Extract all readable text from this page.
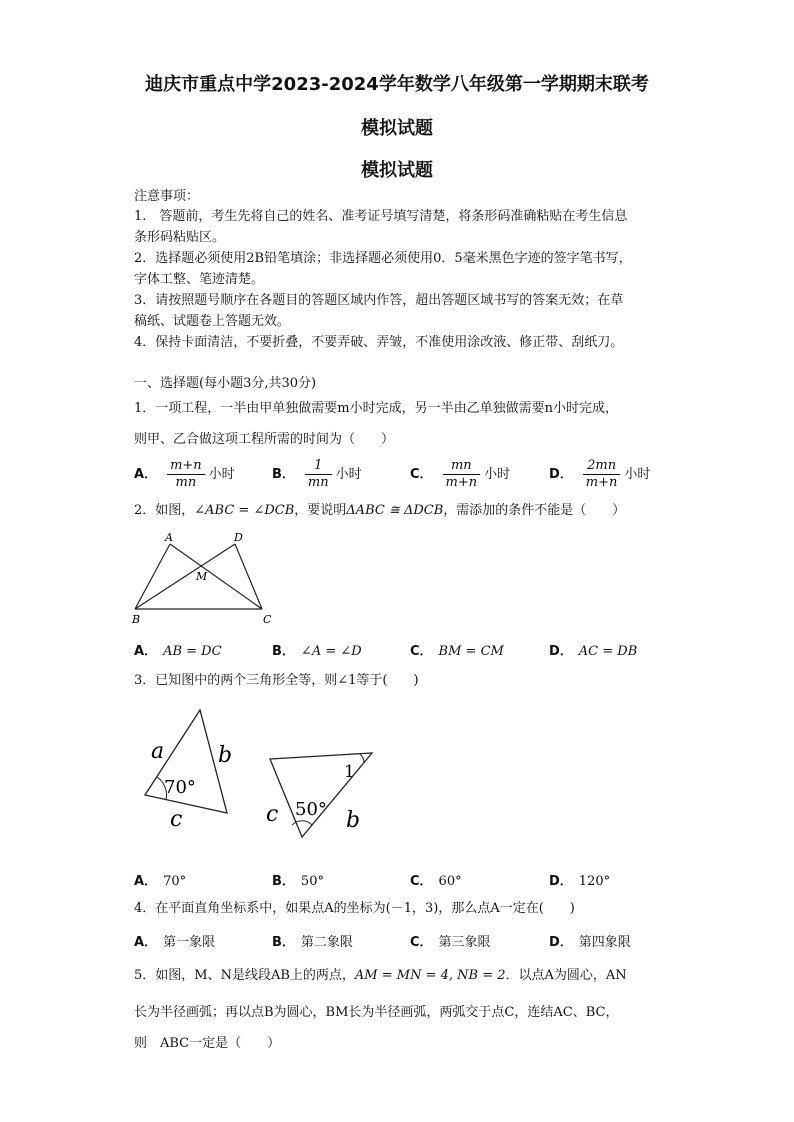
迪庆市重点中学2023-2024学年数学八年级第一学期期末联考
模拟试题
模拟试题
注意事项：
1.　答题前，考生先将自己的姓名、准考证号填写清楚，将条形码准确粘贴在考生信息
条形码粘贴区。
2．选择题必须使用2B铅笔填涂；非选择题必须使用0．5毫米黑色字迹的签字笔书写，
字体工整、笔迹清楚。
3．请按照题号顺序在各题目的答题区域内作答，超出答题区域书写的答案无效；在草
稿纸、试题卷上答题无效。
4．保持卡面清洁，不要折叠，不要弄破、弄皱，不准使用涂改液、修正带、刮纸刀。
一、选择题(每小题3分,共30分)
1．一项工程，一半由甲单独做需要m小时完成，另一半由乙单独做需要n小时完成，
则甲、乙合做这项工程所需的时间为（　　）
A． $\frac{m+n}{mn}$ 小时	B． $\frac{1}{mn}$ 小时	C． $\frac{mn}{m+n}$ 小时	D． $\frac{2mn}{m+n}$ 小时
2．如图，∠ABC = ∠DCB，要说明ΔABC ≅ ΔDCB，需添加的条件不能是（　　）
A	D
M
B	C
A． AB = DC	B． ∠A = ∠D	C． BM = CM	D． AC = DB
3．已知图中的两个三角形全等，则∠1等于(　　)
a b
c
70°
1
c	b
50°
A． 70°	B． 50°	C． 60°	D． 120°
4．在平面直角坐标系中，如果点A的坐标为(－1，3)，那么点A一定在(　　)
A． 第一象限	B． 第二象限	C． 第三象限	D． 第四象限
5．如图，M、N是线段AB上的两点，AM = MN = 4, NB = 2．以点A为圆心，AN
长为半径画弧；再以点B为圆心，BM长为半径画弧，两弧交于点C，连结AC、BC，
则　ABC一定是（　　）
